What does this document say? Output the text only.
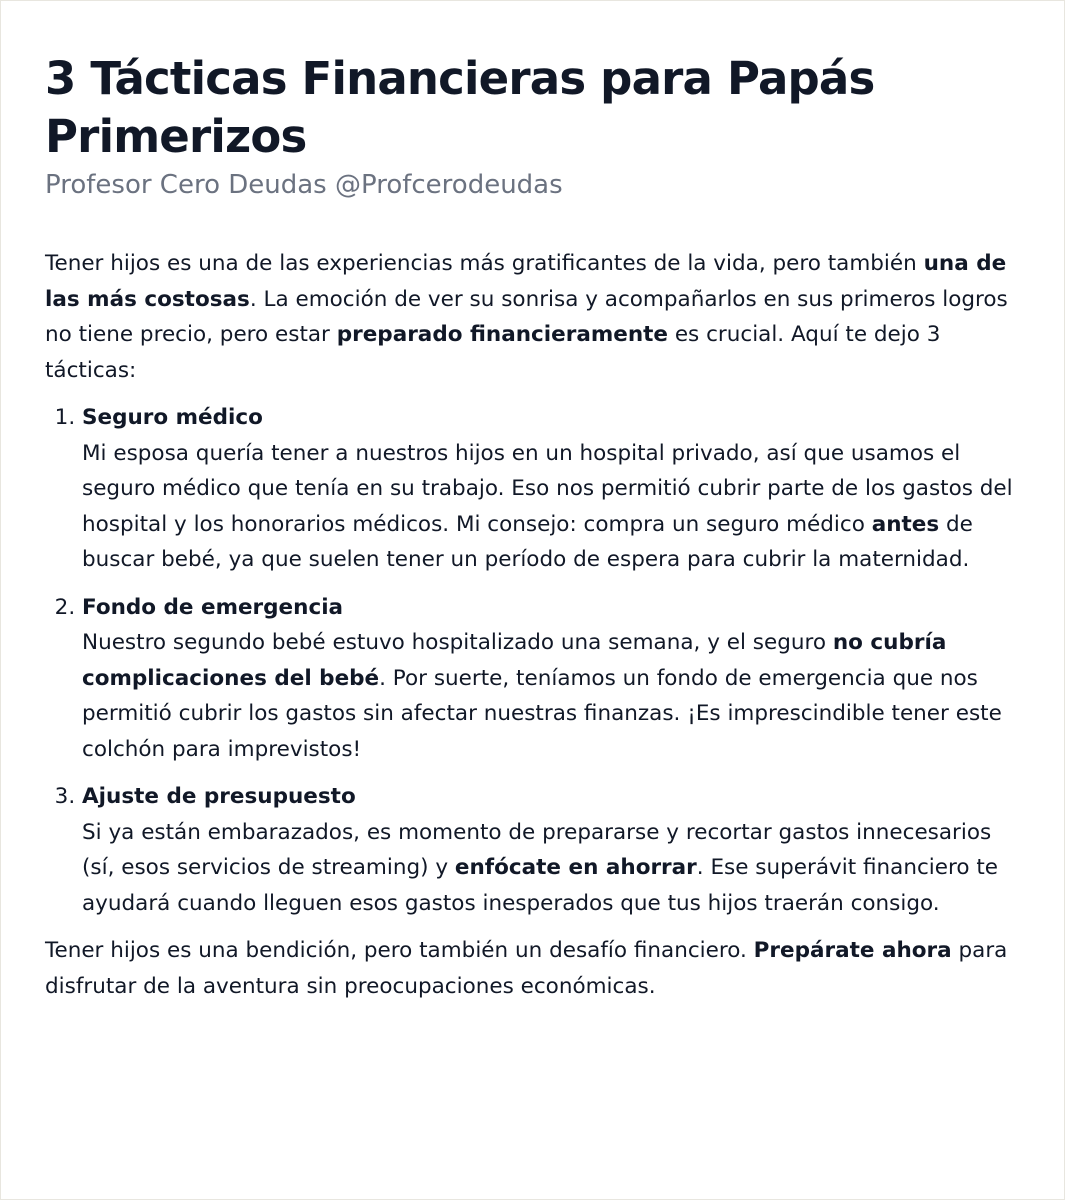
3 Tácticas Financieras para Papás Primerizos
Profesor Cero Deudas @Profcerodeudas

Tener hijos es una de las experiencias más gratificantes de la vida, pero también una de las más costosas. La emoción de ver su sonrisa y acompañarlos en sus primeros logros no tiene precio, pero estar preparado financieramente es crucial. Aquí te dejo 3 tácticas:

1. Seguro médico
Mi esposa quería tener a nuestros hijos en un hospital privado, así que usamos el seguro médico que tenía en su trabajo. Eso nos permitió cubrir parte de los gastos del hospital y los honorarios médicos. Mi consejo: compra un seguro médico antes de buscar bebé, ya que suelen tener un período de espera para cubrir la maternidad.
2. Fondo de emergencia
Nuestro segundo bebé estuvo hospitalizado una semana, y el seguro no cubría complicaciones del bebé. Por suerte, teníamos un fondo de emergencia que nos permitió cubrir los gastos sin afectar nuestras finanzas. ¡Es imprescindible tener este colchón para imprevistos!
3. Ajuste de presupuesto
Si ya están embarazados, es momento de prepararse y recortar gastos innecesarios (sí, esos servicios de streaming) y enfócate en ahorrar. Ese superávit financiero te ayudará cuando lleguen esos gastos inesperados que tus hijos traerán consigo.

Tener hijos es una bendición, pero también un desafío financiero. Prepárate ahora para disfrutar de la aventura sin preocupaciones económicas.
